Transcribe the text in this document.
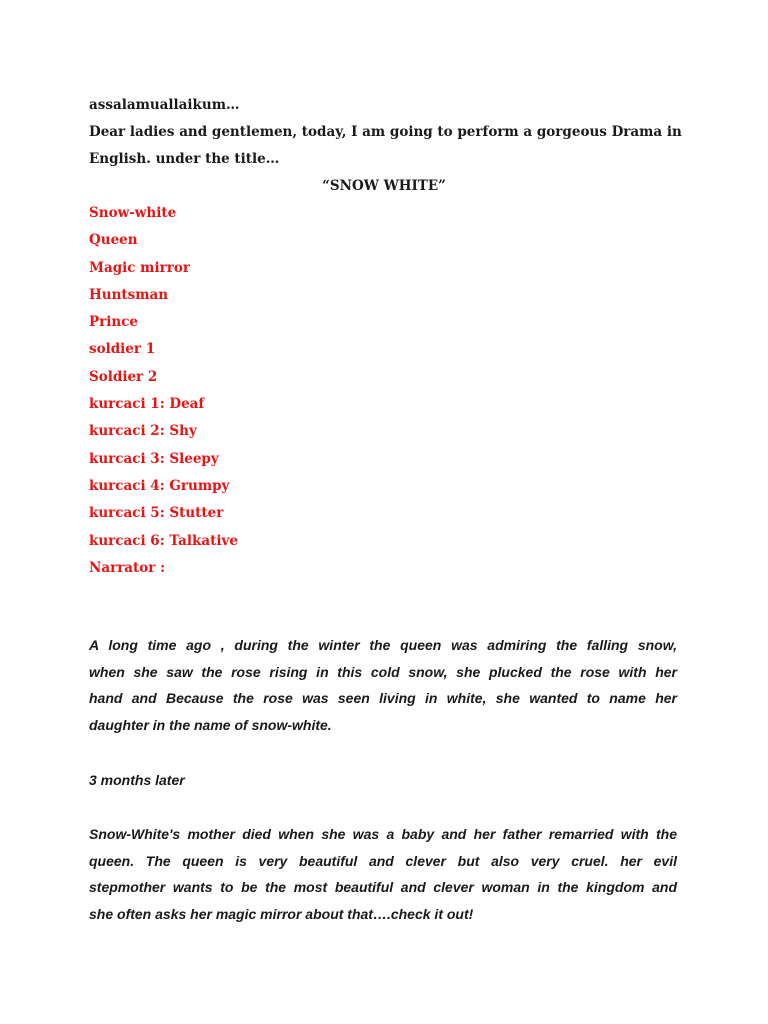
assalamuallaikum…

Dear ladies and gentlemen, today, I am going to perform a gorgeous Drama in

English. under the title…

“SNOW WHITE”
Snow-white
Queen
Magic mirror
Huntsman
Prince
soldier 1
Soldier 2
kurcaci 1: Deaf
kurcaci 2: Shy
kurcaci 3: Sleepy
kurcaci 4: Grumpy
kurcaci 5: Stutter
kurcaci 6: Talkative
Narrator :
A long time ago , during the winter the queen was admiring the falling snow,
when she saw the rose rising in this cold snow, she plucked the rose with her
hand and Because the rose was seen living in white, she wanted to name her
daughter in the name of snow-white.
3 months later
Snow-White's mother died when she was a baby and her father remarried with the
queen. The queen is very beautiful and clever but also very cruel. her evil
stepmother wants to be the most beautiful and clever woman in the kingdom and
she often asks her magic mirror about that….check it out!
